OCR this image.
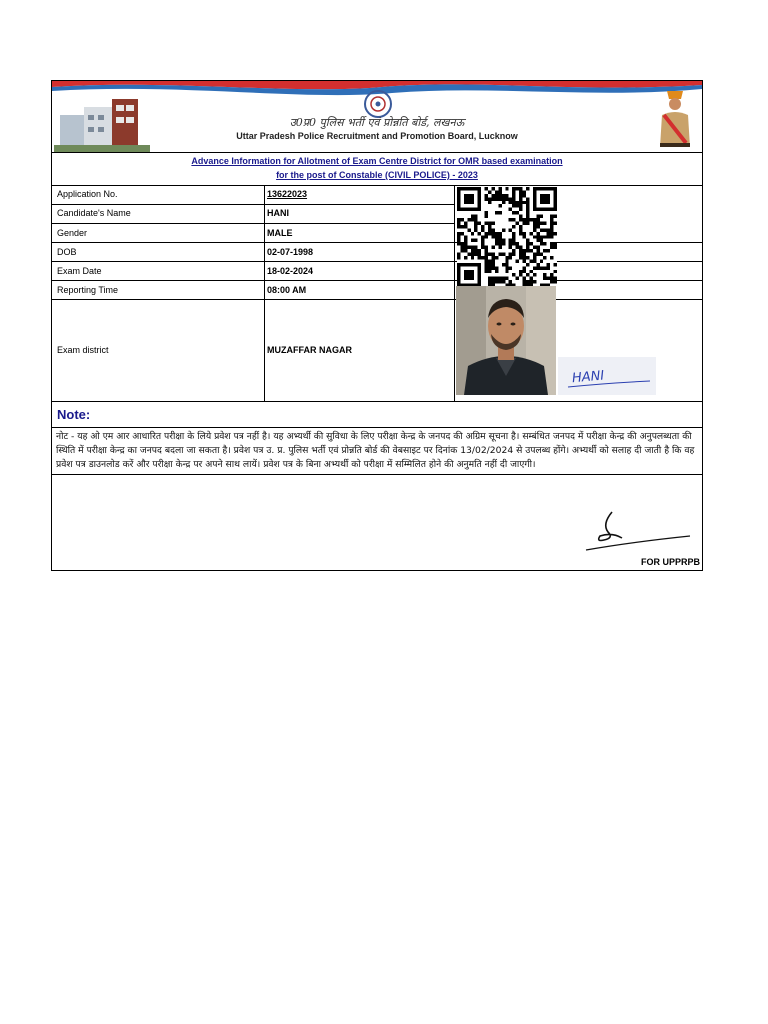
उ0प्र0 पुलिस भर्ती एवं प्रोन्नति बोर्ड, लखनऊ
Uttar Pradesh Police Recruitment and Promotion Board, Lucknow
Advance Information for Allotment of Exam Centre District for OMR based examination
for the post of Constable (CIVIL POLICE) - 2023
Application No.	13622023
Candidate's Name	HANI
Gender	MALE
DOB	02-07-1998
Exam Date	18-02-2024
Reporting Time	08:00 AM
Exam district	MUZAFFAR NAGAR
HANI
Note:
नोट - यह ओ एम आर आधारित परीक्षा के लिये प्रवेश पत्र नहीं है। यह अभ्यर्थी की सुविधा के लिए परीक्षा केन्द्र के जनपद की अग्रिम सूचना है। सम्बंधित जनपद में परीक्षा केन्द्र की अनुपलब्धता की स्थिति में परीक्षा केन्द्र का जनपद बदला जा सकता है। प्रवेश पत्र उ. प्र. पुलिस भर्ती एवं प्रोन्नति बोर्ड की वेबसाइट पर दिनांक 13/02/2024 से उपलब्ध होंगे। अभ्यर्थी को सलाह दी जाती है कि वह प्रवेश पत्र डाउनलोड करें और परीक्षा केन्द्र पर अपने साथ लायें। प्रवेश पत्र के बिना अभ्यर्थी को परीक्षा में सम्मिलित होने की अनुमति नहीं दी जाएगी।
FOR UPPRPB
